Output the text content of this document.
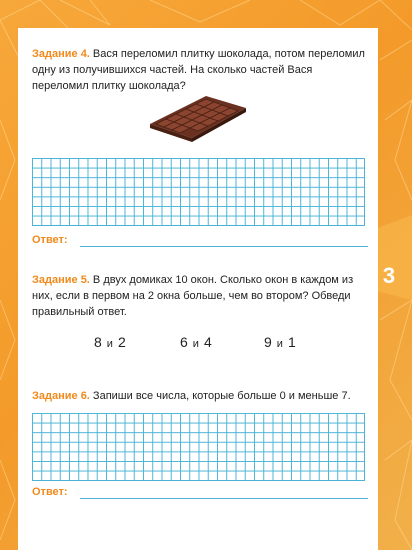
Задание 4. Вася переломил плитку шоколада, потом переломил одну из получившихся частей. На сколько частей Вася переломил плитку шоколада?

Ответ:

Задание 5. В двух домиках 10 окон. Сколько окон в каждом из них, если в первом на 2 окна больше, чем во втором? Обведи правильный ответ.

8 и 2	6 и 4	9 и 1

Задание 6. Запиши все числа, которые больше 0 и меньше 7.

Ответ:
3
